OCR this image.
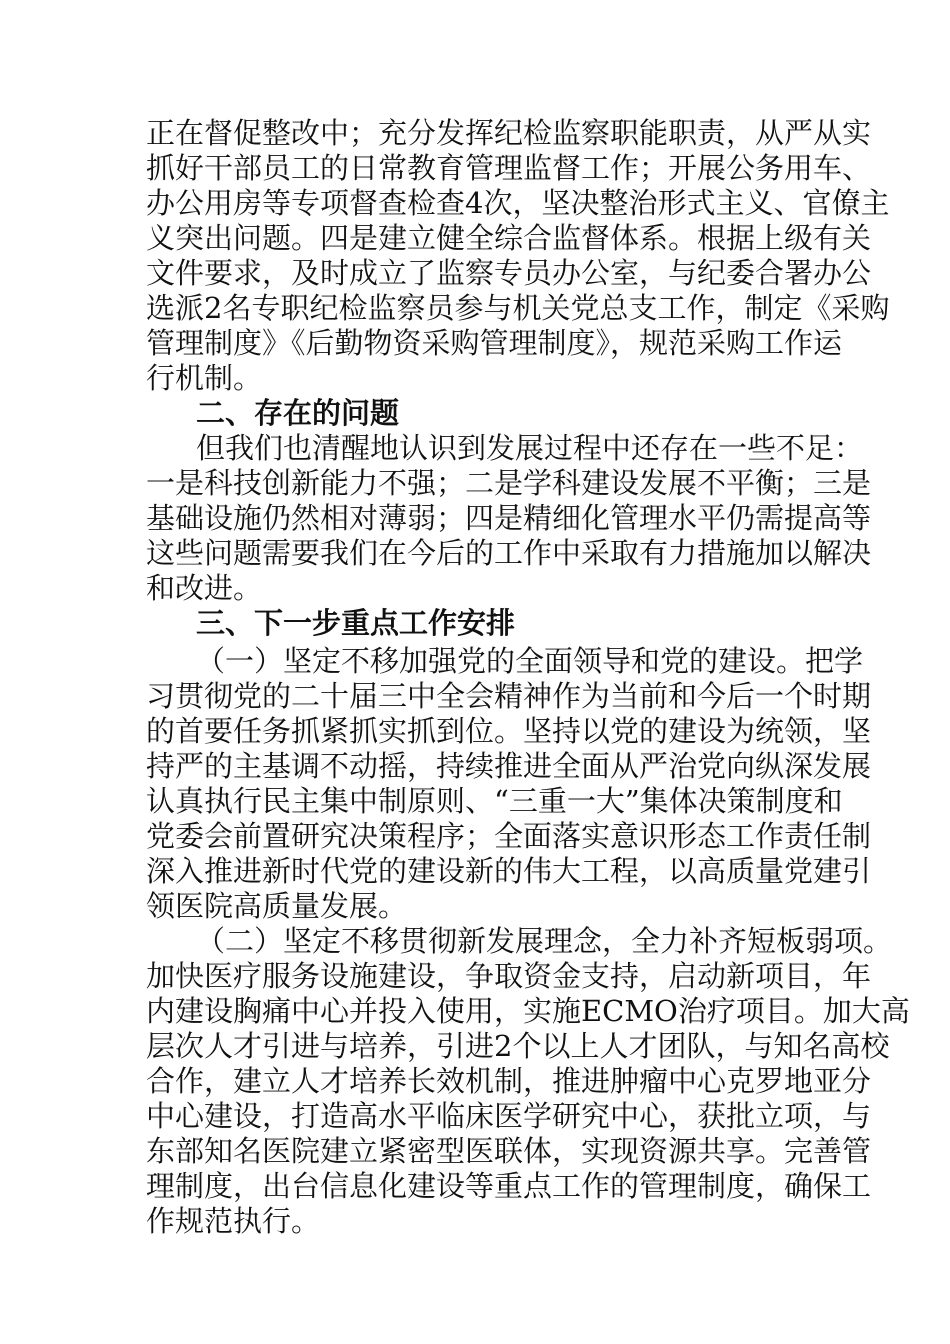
正在督促整改中；充分发挥纪检监察职能职责，从严从实
抓好干部员工的日常教育管理监督工作；开展公务用车、
办公用房等专项督查检查4次，坚决整治形式主义、官僚主
义突出问题。四是建立健全综合监督体系。根据上级有关
文件要求，及时成立了监察专员办公室，与纪委合署办公
选派2名专职纪检监察员参与机关党总支工作，制定《采购
管理制度》《后勤物资采购管理制度》，规范采购工作运
行机制。
二、存在的问题
但我们也清醒地认识到发展过程中还存在一些不足：
一是科技创新能力不强；二是学科建设发展不平衡；三是
基础设施仍然相对薄弱；四是精细化管理水平仍需提高等
这些问题需要我们在今后的工作中采取有力措施加以解决
和改进。
三、下一步重点工作安排
（一）坚定不移加强党的全面领导和党的建设。把学
习贯彻党的二十届三中全会精神作为当前和今后一个时期
的首要任务抓紧抓实抓到位。坚持以党的建设为统领，坚
持严的主基调不动摇，持续推进全面从严治党向纵深发展
认真执行民主集中制原则、“三重一大”集体决策制度和
党委会前置研究决策程序；全面落实意识形态工作责任制
深入推进新时代党的建设新的伟大工程，以高质量党建引
领医院高质量发展。
（二）坚定不移贯彻新发展理念，全力补齐短板弱项。
加快医疗服务设施建设，争取资金支持，启动新项目，年
内建设胸痛中心并投入使用，实施ECMO治疗项目。加大高
层次人才引进与培养，引进2个以上人才团队，与知名高校
合作，建立人才培养长效机制，推进肿瘤中心克罗地亚分
中心建设，打造高水平临床医学研究中心，获批立项，与
东部知名医院建立紧密型医联体，实现资源共享。完善管
理制度，出台信息化建设等重点工作的管理制度，确保工
作规范执行。
